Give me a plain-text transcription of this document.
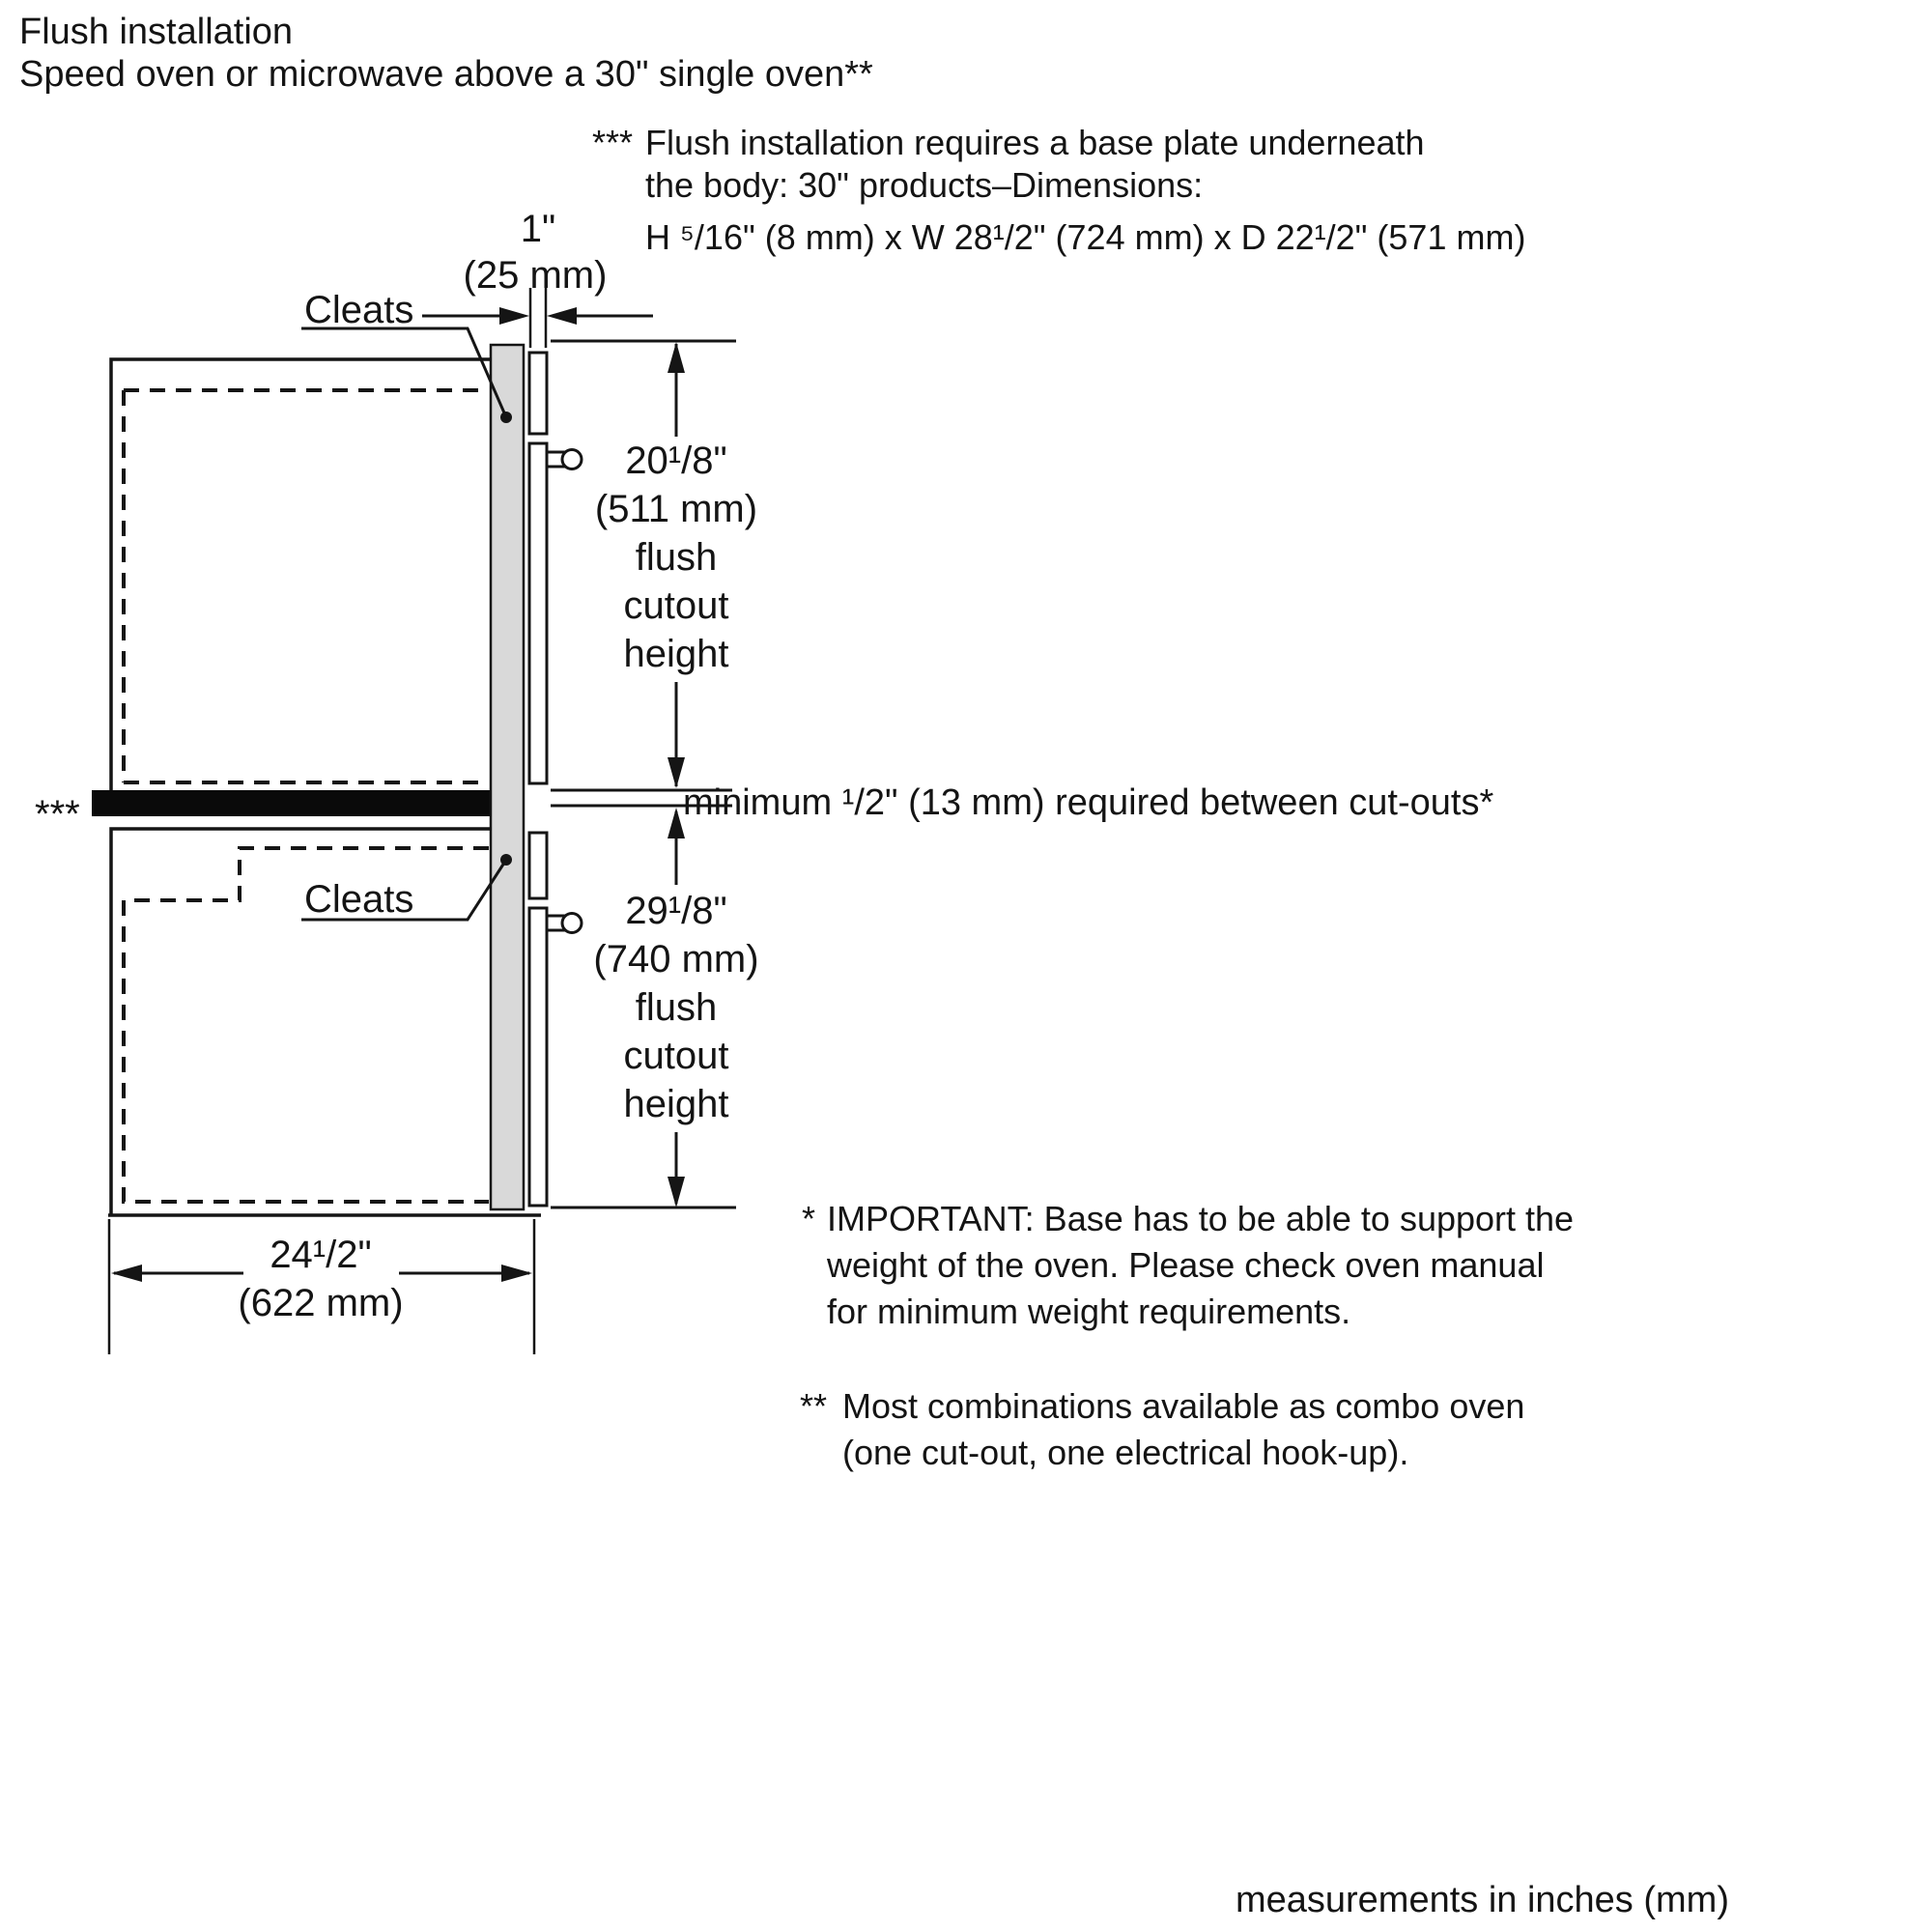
Flush installation
Speed oven or microwave above a 30" single oven**
1"
(25 mm)
Cleats
Cleats
20¹/8"
(511 mm)
flush
cutout
height
minimum ¹/2" (13 mm) required between cut-outs*
29¹/8"
(740 mm)
flush
cutout
height
***
24¹/2"
(622 mm)
*** Flush installation requires a base plate underneath
the body: 30" products–Dimensions:
H ⁵/16" (8 mm) x W 28¹/2" (724 mm) x D 22¹/2" (571 mm)
* IMPORTANT: Base has to be able to support the
weight of the oven. Please check oven manual
for minimum weight requirements.
** Most combinations available as combo oven
(one cut-out, one electrical hook-up).
measurements in inches (mm)
